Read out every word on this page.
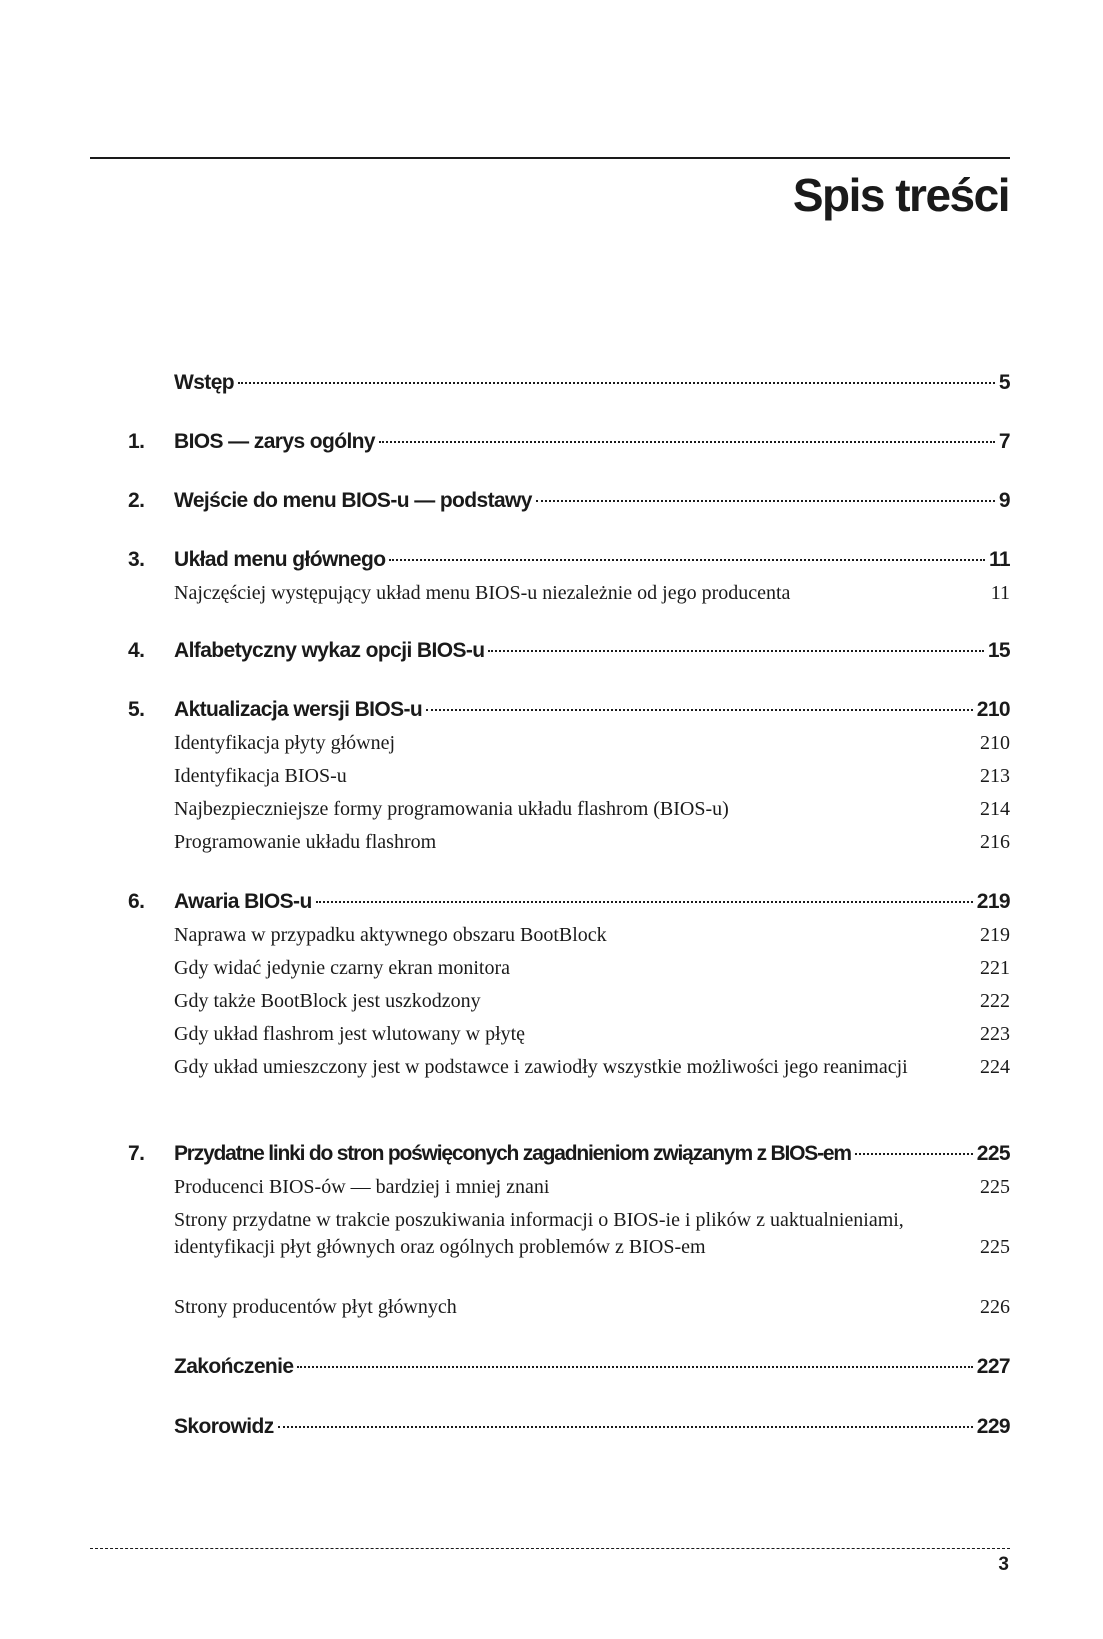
Spis treści
Wstęp	5
1.	BIOS — zarys ogólny	7
2.	Wejście do menu BIOS-u — podstawy	9
3.	Układ menu głównego	11
Najczęściej występujący układ menu BIOS-u niezależnie od jego producenta	11
4.	Alfabetyczny wykaz opcji BIOS-u	15
5.	Aktualizacja wersji BIOS-u	210
Identyfikacja płyty głównej	210
Identyfikacja BIOS-u	213
Najbezpieczniejsze formy programowania układu flashrom (BIOS-u)	214
Programowanie układu flashrom	216
6.	Awaria BIOS-u	219
Naprawa w przypadku aktywnego obszaru BootBlock	219
Gdy widać jedynie czarny ekran monitora	221
Gdy także BootBlock jest uszkodzony	222
Gdy układ flashrom jest wlutowany w płytę	223
Gdy układ umieszczony jest w podstawce i zawiodły wszystkie możliwości jego reanimacji	224
7.	Przydatne linki do stron poświęconych zagadnieniom związanym z BIOS-em	225
Producenci BIOS-ów — bardziej i mniej znani	225
Strony przydatne w trakcie poszukiwania informacji o BIOS-ie i plików z uaktualnieniami, identyfikacji płyt głównych oraz ogólnych problemów z BIOS-em	225
Strony producentów płyt głównych	226
Zakończenie	227
Skorowidz	229
3
